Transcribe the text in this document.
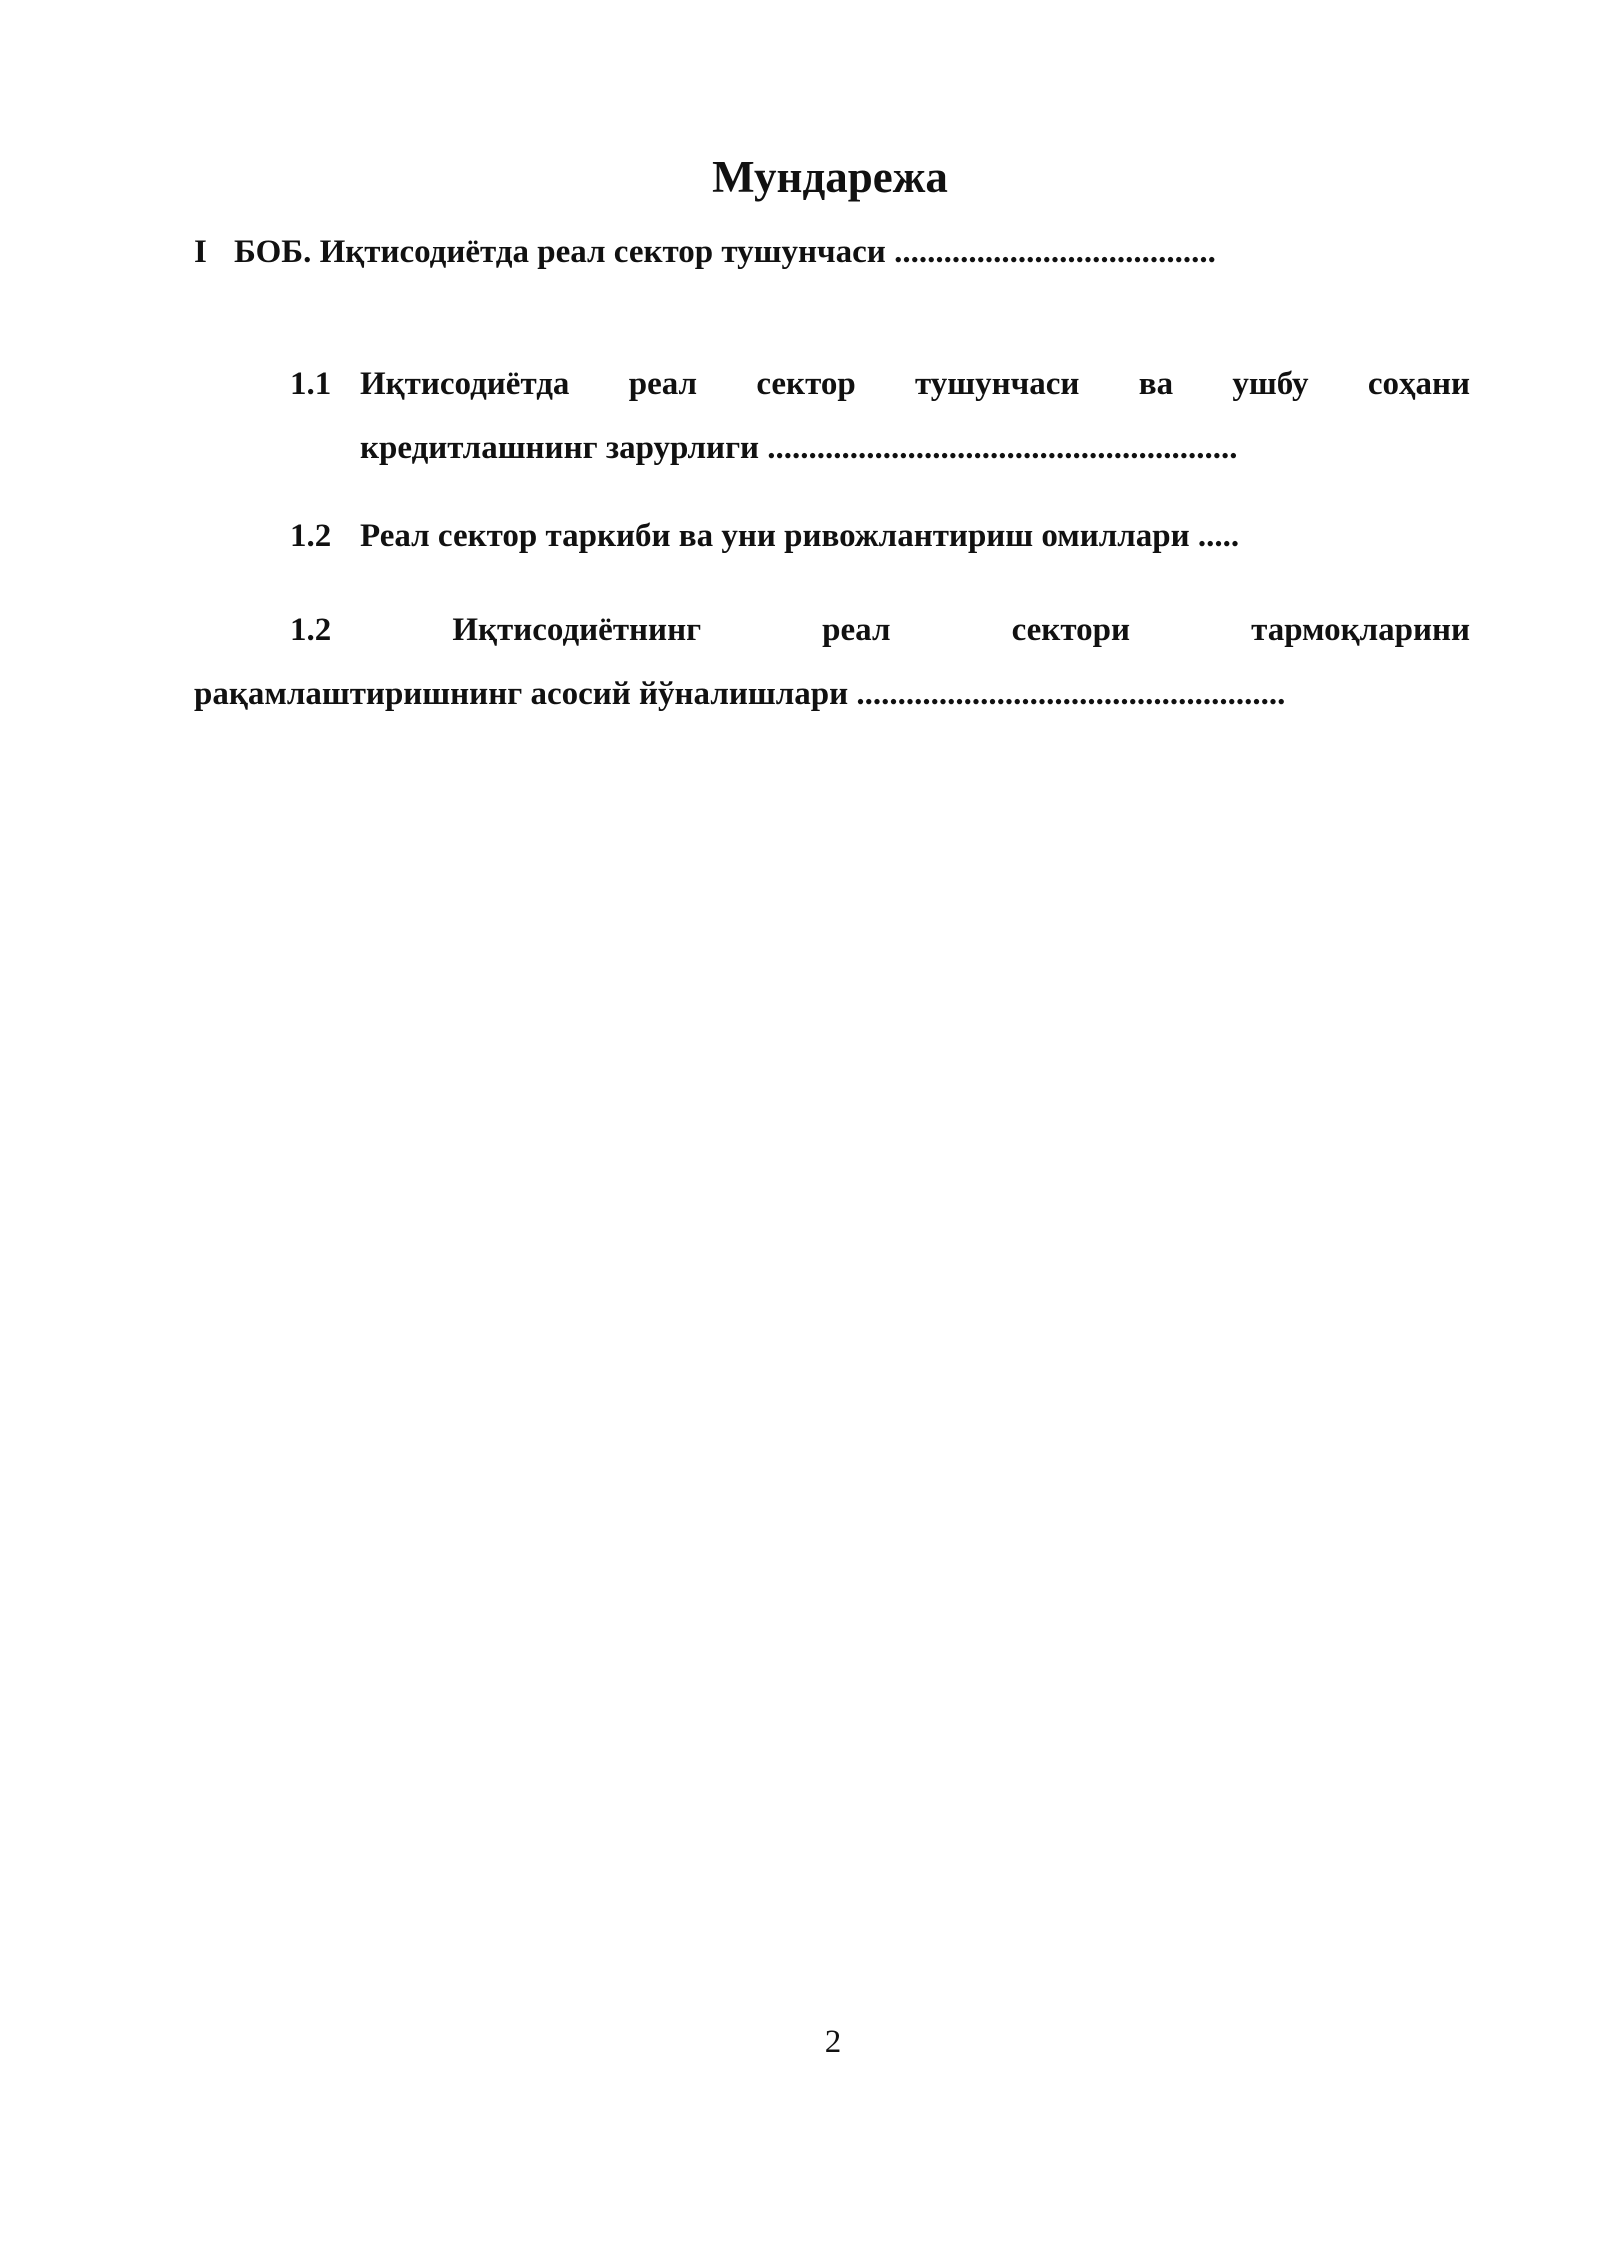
Мундарежа
I БОБ. Иқтисодиётда реал сектор тушунчаси .......................................
1.1 Иқтисодиётда реал сектор тушунчаси ва ушбу соҳани
кредитлашнинг зарурлиги .........................................................
1.2 Реал сектор таркиби ва уни ривожлантириш омиллари .....
1.2	Иқтисодиётнинг реал сектори тармоқларини
рақамлаштиришнинг асосий йўналишлари ....................................................
2
